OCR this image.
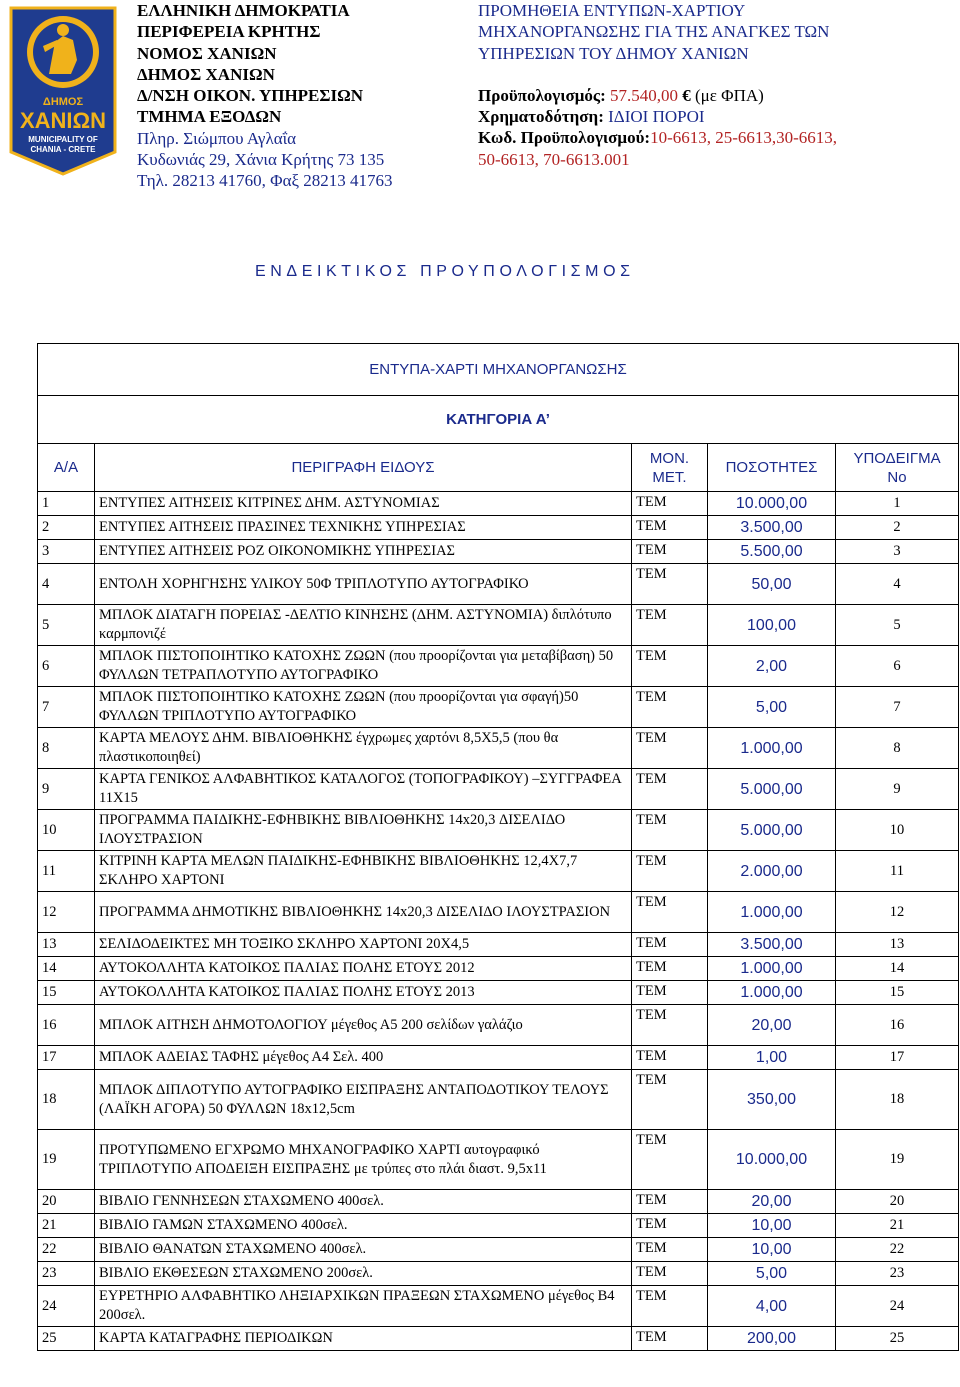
ΔΗΜΟΣ
ΧΑΝΙΩΝ
MUNICIPALITY OF
CHANIA - CRETE
ΕΛΛΗΝΙΚΗ ΔΗΜΟΚΡΑΤΙΑ
ΠΕΡΙΦΕΡΕΙΑ ΚΡΗΤΗΣ
ΝΟΜΟΣ ΧΑΝΙΩΝ
ΔΗΜΟΣ ΧΑΝΙΩΝ
Δ/ΝΣΗ ΟΙΚΟΝ. ΥΠΗΡΕΣΙΩΝ
ΤΜΗΜΑ ΕΞΟΔΩΝ
Πληρ. Σιώμπου Αγλαΐα
Κυδωνιάς 29, Χάνια Κρήτης 73 135
Τηλ. 28213 41760, Φαξ 28213 41763
ΠΡΟΜΗΘΕΙΑ ΕΝΤΥΠΩΝ-ΧΑΡΤΙΟΥ
ΜΗΧΑΝΟΡΓΑΝΩΣΗΣ ΓΙΑ ΤΗΣ ΑΝΑΓΚΕΣ ΤΩΝ
ΥΠΗΡΕΣΙΩΝ ΤΟΥ ΔΗΜΟΥ ΧΑΝΙΩΝ
Προϋπολογισμός: 57.540,00 € (με ΦΠΑ)
Χρηματοδότηση: ΙΔΙΟΙ ΠΟΡΟΙ
Κωδ. Προϋπολογισμού:10-6613, 25-6613,30-6613,
50-6613, 70-6613.001
ΕΝΔΕΙΚΤΙΚΟΣ ΠΡΟΥΠΟΛΟΓΙΣΜΟΣ
ΕΝΤΥΠΑ-ΧΑΡΤΙ ΜΗΧΑΝΟΡΓΑΝΩΣΗΣ				
ΚΑΤΗΓΟΡΙΑ Α’				
Α/Α	ΠΕΡΙΓΡΑΦΗ ΕΙΔΟΥΣ	ΜΟΝ. ΜΕΤ.	ΠΟΣΟΤΗΤΕΣ	ΥΠΟΔΕΙΓΜΑ
Νο

1	ΕΝΤΥΠΕΣ ΑΙΤΗΣΕΙΣ ΚΙΤΡΙΝΕΣ ΔΗΜ. ΑΣΤΥΝΟΜΙΑΣ	ΤΕΜ	10.000,00	1
2	ΕΝΤΥΠΕΣ ΑΙΤΗΣΕΙΣ ΠΡΑΣΙΝΕΣ ΤΕΧΝΙΚΗΣ ΥΠΗΡΕΣΙΑΣ	ΤΕΜ	3.500,00	2
3	ΕΝΤΥΠΕΣ ΑΙΤΗΣΕΙΣ ΡΟΖ ΟΙΚΟΝΟΜΙΚΗΣ ΥΠΗΡΕΣΙΑΣ	ΤΕΜ	5.500,00	3
4	ΕΝΤΟΛΗ ΧΟΡΗΓΗΣΗΣ ΥΛΙΚΟΥ 50Φ ΤΡΙΠΛΟΤΥΠΟ ΑΥΤΟΓΡΑΦΙΚΟ	ΤΕΜ	50,00	4
5	ΜΠΛΟΚ ΔΙΑΤΑΓΗ ΠΟΡΕΙΑΣ -ΔΕΛΤΙΟ ΚΙΝΗΣΗΣ (ΔΗΜ. ΑΣΤΥΝΟΜΙΑ) διπλότυπο καρμπονιζέ	ΤΕΜ	100,00	5
6	ΜΠΛΟΚ ΠΙΣΤΟΠΟΙΗΤΙΚΟ ΚΑΤΟΧΗΣ ΖΩΩΝ (που προορίζονται για μεταβίβαση) 50 ΦΥΛΛΩΝ ΤΕΤΡΑΠΛΟΤΥΠΟ ΑΥΤΟΓΡΑΦΙΚΟ	ΤΕΜ	2,00	6
7	ΜΠΛΟΚ ΠΙΣΤΟΠΟΙΗΤΙΚΟ ΚΑΤΟΧΗΣ ΖΩΩΝ (που προορίζονται για σφαγή)50 ΦΥΛΛΩΝ ΤΡΙΠΛΟΤΥΠΟ ΑΥΤΟΓΡΑΦΙΚΟ	ΤΕΜ	5,00	7
8	ΚΑΡΤΑ ΜΕΛΟΥΣ ΔΗΜ. ΒΙΒΛΙΟΘΗΚΗΣ έγχρωμες χαρτόνι 8,5Χ5,5 (που θα πλαστικοποιηθεί)	ΤΕΜ	1.000,00	8
9	ΚΑΡΤΑ ΓΕΝΙΚΟΣ ΑΛΦΑΒΗΤΙΚΟΣ ΚΑΤΑΛΟΓΟΣ (ΤΟΠΟΓΡΑΦΙΚΟΥ) –ΣΥΓΓΡΑΦΕΑ 11Χ15	ΤΕΜ	5.000,00	9
10	ΠΡΟΓΡΑΜΜΑ ΠΑΙΔΙΚΗΣ-ΕΦΗΒΙΚΗΣ ΒΙΒΛΙΟΘΗΚΗΣ 14x20,3 ΔΙΣΕΛΙΔΟ ΙΛΟΥΣΤΡΑΣΙΟΝ	ΤΕΜ	5.000,00	10
11	ΚΙΤΡΙΝΗ ΚΑΡΤΑ ΜΕΛΩΝ ΠΑΙΔΙΚΗΣ-ΕΦΗΒΙΚΗΣ ΒΙΒΛΙΟΘΗΚΗΣ 12,4Χ7,7 ΣΚΛΗΡΟ ΧΑΡΤΟΝΙ	ΤΕΜ	2.000,00	11
12	ΠΡΟΓΡΑΜΜΑ ΔΗΜΟΤΙΚΗΣ ΒΙΒΛΙΟΘΗΚΗΣ 14x20,3 ΔΙΣΕΛΙΔΟ ΙΛΟΥΣΤΡΑΣΙΟΝ	ΤΕΜ	1.000,00	12
13	ΣΕΛΙΔΟΔΕΙΚΤΕΣ ΜΗ ΤΟΞΙΚΟ ΣΚΛΗΡΟ ΧΑΡΤΟΝΙ 20Χ4,5	ΤΕΜ	3.500,00	13
14	ΑΥΤΟΚΟΛΛΗΤΑ ΚΑΤΟΙΚΟΣ ΠΑΛΙΑΣ ΠΟΛΗΣ ΕΤΟΥΣ 2012	ΤΕΜ	1.000,00	14
15	ΑΥΤΟΚΟΛΛΗΤΑ ΚΑΤΟΙΚΟΣ ΠΑΛΙΑΣ ΠΟΛΗΣ ΕΤΟΥΣ 2013	ΤΕΜ	1.000,00	15
16	ΜΠΛΟΚ ΑΙΤΗΣΗ ΔΗΜΟΤΟΛΟΓΙΟΥ μέγεθος Α5 200 σελίδων γαλάζιο	ΤΕΜ	20,00	16
17	ΜΠΛΟΚ ΑΔΕΙΑΣ ΤΑΦΗΣ μέγεθος Α4 Σελ. 400	ΤΕΜ	1,00	17
18	ΜΠΛΟΚ ΔΙΠΛΟΤΥΠΟ ΑΥΤΟΓΡΑΦΙΚΟ ΕΙΣΠΡΑΞΗΣ ΑΝΤΑΠΟΔΟΤΙΚΟΥ ΤΕΛΟΥΣ (ΛΑΪΚΗ ΑΓΟΡΑ) 50 ΦΥΛΛΩΝ 18x12,5cm	ΤΕΜ	350,00	18
19	ΠΡΟΤΥΠΩΜΕΝΟ ΕΓΧΡΩΜΟ ΜΗΧΑΝΟΓΡΑΦΙΚΟ ΧΑΡΤΙ αυτογραφικό ΤΡΙΠΛΟΤΥΠΟ ΑΠΟΔΕΙΞΗ ΕΙΣΠΡΑΞΗΣ με τρύπες στο πλάι διαστ. 9,5x11	ΤΕΜ	10.000,00	19
20	ΒΙΒΛΙΟ ΓΕΝΝΗΣΕΩΝ ΣΤΑΧΩΜΕΝΟ 400σελ.	ΤΕΜ	20,00	20
21	ΒΙΒΛΙΟ ΓΑΜΩΝ ΣΤΑΧΩΜΕΝΟ 400σελ.	ΤΕΜ	10,00	21
22	ΒΙΒΛΙΟ ΘΑΝΑΤΩΝ ΣΤΑΧΩΜΕΝΟ 400σελ.	ΤΕΜ	10,00	22
23	ΒΙΒΛΙΟ ΕΚΘΕΣΕΩΝ ΣΤΑΧΩΜΕΝΟ 200σελ.	ΤΕΜ	5,00	23
24	ΕΥΡΕΤΗΡΙΟ ΑΛΦΑΒΗΤΙΚΟ ΛΗΞΙΑΡΧΙΚΩΝ ΠΡΑΞΕΩΝ ΣΤΑΧΩΜΕΝΟ μέγεθος Β4 200σελ.	ΤΕΜ	4,00	24
25	ΚΑΡΤΑ ΚΑΤΑΓΡΑΦΗΣ ΠΕΡΙΟΔΙΚΩΝ	ΤΕΜ	200,00	25
